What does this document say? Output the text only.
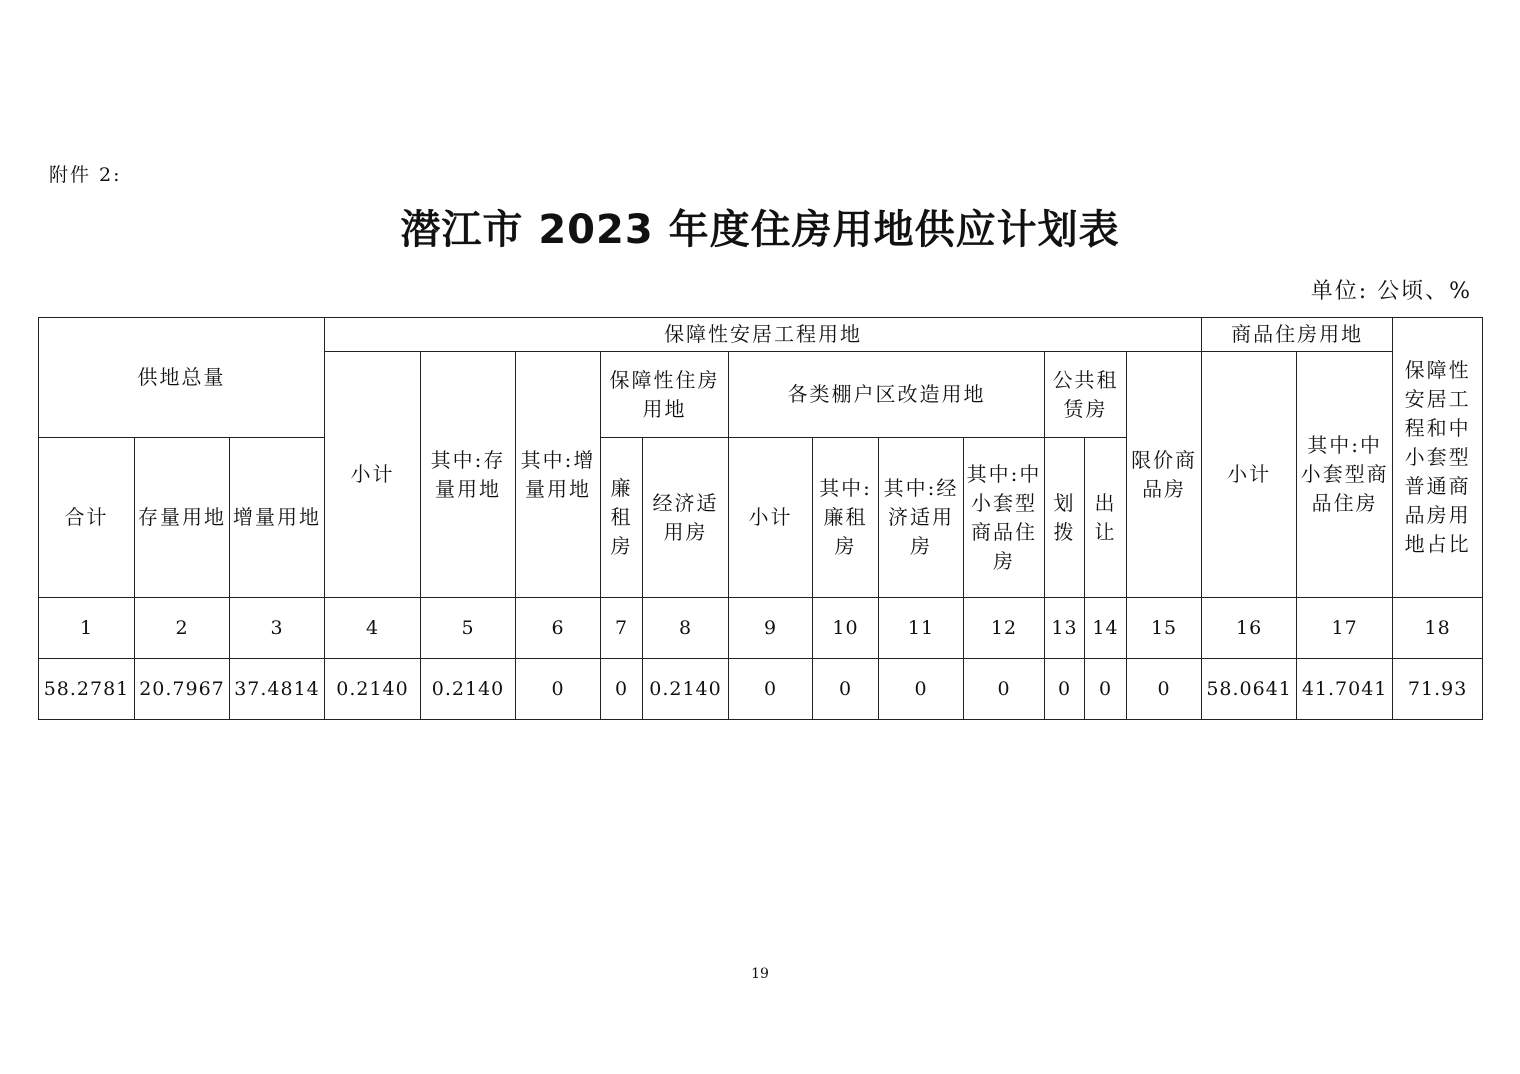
附件 2:
潜江市 2023 年度住房用地供应计划表
单位: 公顷、%
供地总量			保障性安居工程用地												商品住房用地		保障性安居工程和中小套型普通商品房用地占比
			小计	其中:存量用地	其中:增量用地	保障性住房用地		各类棚户区改造用地				公共租赁房		限价商品房	小计	其中:中小套型商品住房	
合计	存量用地	增量用地				廉租房	经济适用房	小计	其中:廉租房	其中:经济适用房	其中:中小套型商品住房	划拨	出让				
1	2	3	4	5	6	7	8	9	10	11	12	13	14	15	16	17	18
58.2781	20.7967	37.4814	0.2140	0.2140	0	0	0.2140	0	0	0	0	0	0	0	58.0641	41.7041	71.93
19
